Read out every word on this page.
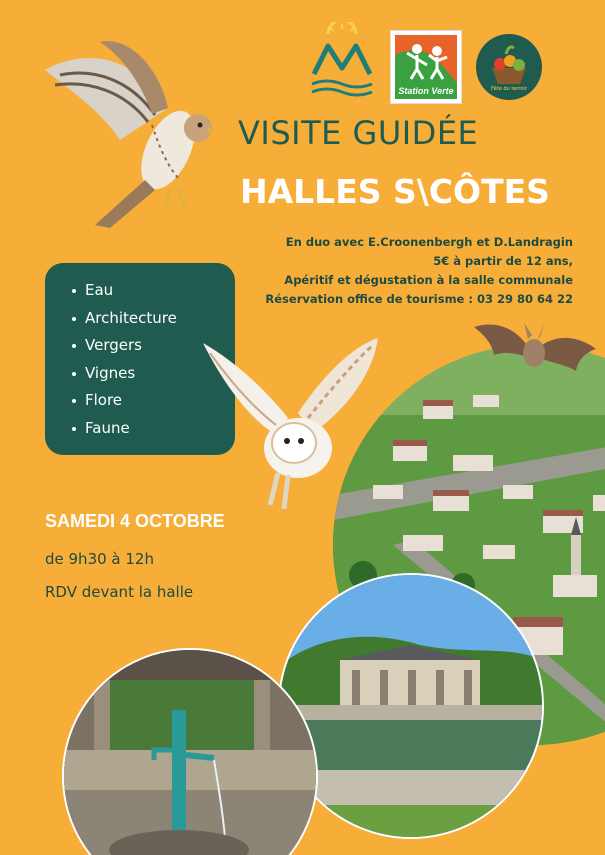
Station Verte	Fête du terroir
VISITE GUIDÉE
HALLES S\CÔTES
En duo avec E.Croonenbergh et D.Landragin
5€ à partir de 12 ans,
Apéritif et dégustation à la salle communale
Réservation office de tourisme : 03 29 80 64 22
Eau
Architecture
Vergers
Vignes
Flore
Faune
SAMEDI 4 OCTOBRE
de 9h30 à 12h
RDV devant la halle
